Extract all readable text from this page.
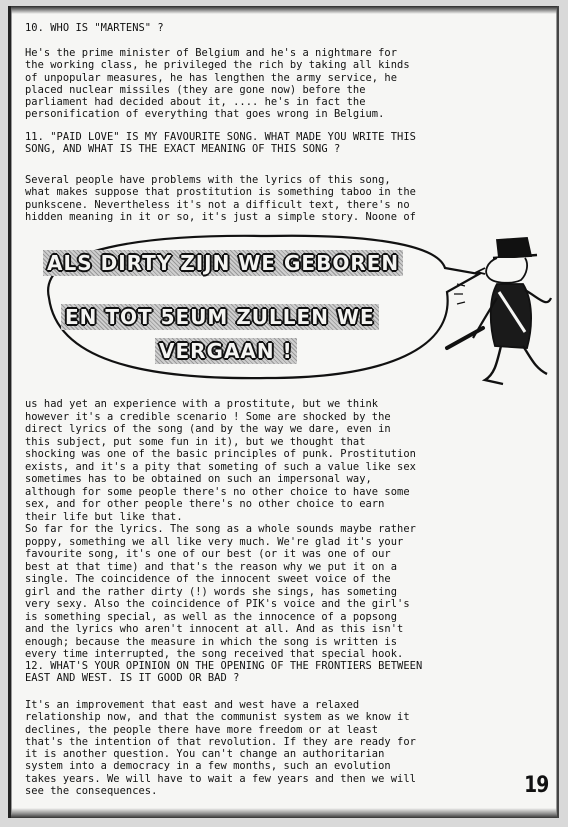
10. WHO IS "MARTENS" ?
He's the prime minister of Belgium and he's a nightmare for
the working class, he privileged the rich by taking all kinds
of unpopular measures, he has lengthen the army service, he
placed nuclear missiles (they are gone now) before the
parliament had decided about it, .... he's in fact the
personification of everything that goes wrong in Belgium.
11. "PAID LOVE" IS MY FAVOURITE SONG. WHAT MADE YOU WRITE THIS
SONG, AND WHAT IS THE EXACT MEANING OF THIS SONG ?
Several people have problems with the lyrics of this song,
what makes suppose that prostitution is something taboo in the
punkscene. Nevertheless it's not a difficult text, there's no
hidden meaning in it or so, it's just a simple story. Noone of
ALS DIRTY ZIJN WE GEBOREN
EN TOT 5EUM ZULLEN WE
VERGAAN !
us had yet an experience with a prostitute, but we think
however it's a credible scenario ! Some are shocked by the
direct lyrics of the song (and by the way we dare, even in
this subject, put some fun in it), but we thought that
shocking was one of the basic principles of punk. Prostitution
exists, and it's a pity that someting of such a value like sex
sometimes has to be obtained on such an impersonal way,
although for some people there's no other choice to have some
sex, and for other people there's no other choice to earn
their life but like that.
So far for the lyrics. The song as a whole sounds maybe rather
poppy, something we all like very much. We're glad it's your
favourite song, it's one of our best (or it was one of our
best at that time) and that's the reason why we put it on a
single. The coincidence of the innocent sweet voice of the
girl and the rather dirty (!) words she sings, has someting
very sexy. Also the coincidence of PIK's voice and the girl's
is something special, as well as the innocence of a popsong
and the lyrics who aren't innocent at all. And as this isn't
enough; because the measure in which the song is written is
every time interrupted, the song received that special hook.
12. WHAT'S YOUR OPINION ON THE OPENING OF THE FRONTIERS BETWEEN
EAST AND WEST. IS IT GOOD OR BAD ?
It's an improvement that east and west have a relaxed
relationship now, and that the communist system as we know it
declines, the people there have more freedom or at least
that's the intention of that revolution. If they are ready for
it is another question. You can't change an authoritarian
system into a democracy in a few months, such an evolution
takes years. We will have to wait a few years and then we will
see the consequences.	19
